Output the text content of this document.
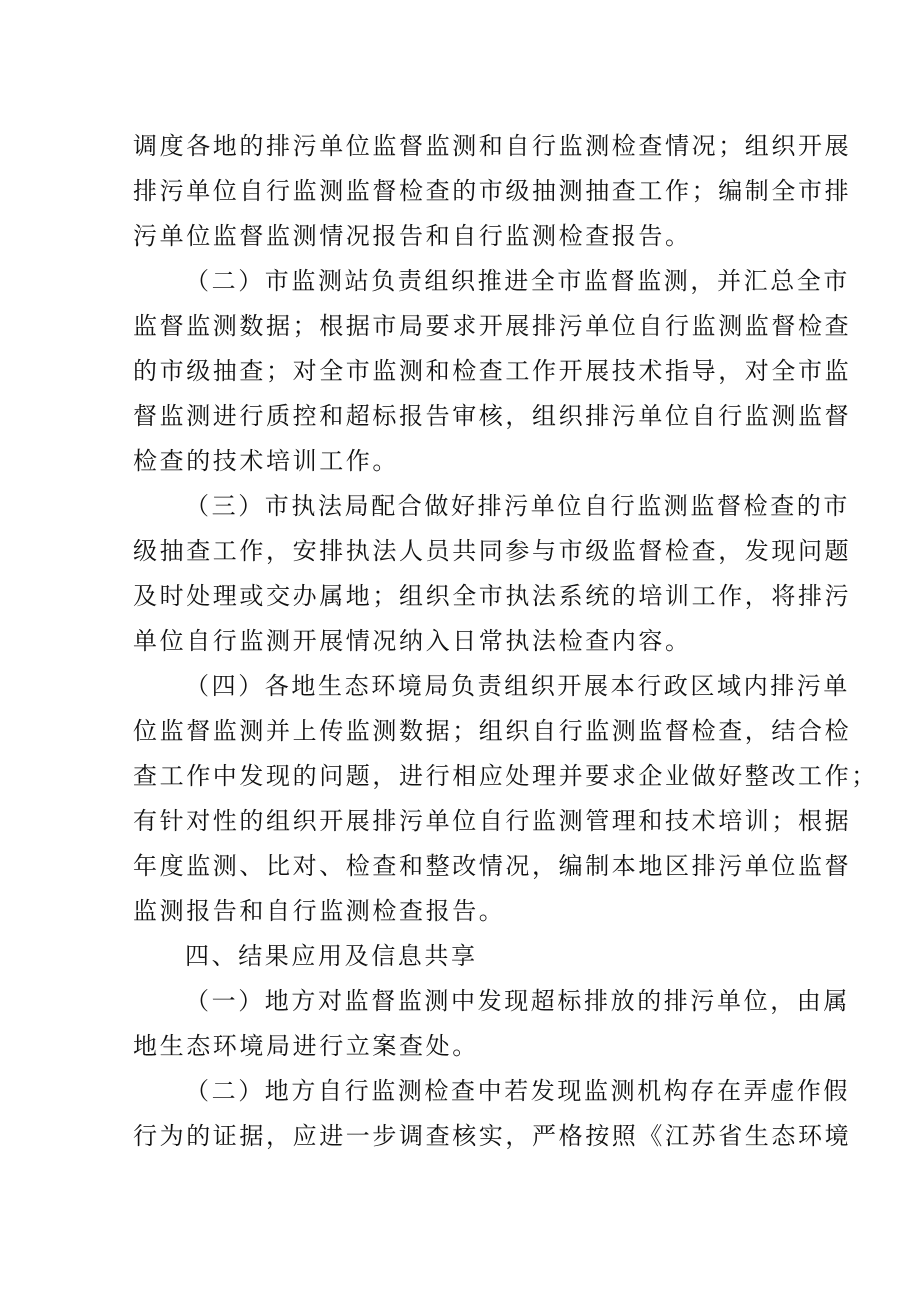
调度各地的排污单位监督监测和自行监测检查情况；组织开展
排污单位自行监测监督检查的市级抽测抽查工作；编制全市排
污单位监督监测情况报告和自行监测检查报告。
（二）市监测站负责组织推进全市监督监测，并汇总全市
监督监测数据；根据市局要求开展排污单位自行监测监督检查
的市级抽查；对全市监测和检查工作开展技术指导，对全市监
督监测进行质控和超标报告审核，组织排污单位自行监测监督
检查的技术培训工作。
（三）市执法局配合做好排污单位自行监测监督检查的市
级抽查工作，安排执法人员共同参与市级监督检查，发现问题
及时处理或交办属地；组织全市执法系统的培训工作，将排污
单位自行监测开展情况纳入日常执法检查内容。
（四）各地生态环境局负责组织开展本行政区域内排污单
位监督监测并上传监测数据；组织自行监测监督检查，结合检
查工作中发现的问题，进行相应处理并要求企业做好整改工作；
有针对性的组织开展排污单位自行监测管理和技术培训；根据
年度监测、比对、检查和整改情况，编制本地区排污单位监督
监测报告和自行监测检查报告。
四、结果应用及信息共享
（一）地方对监督监测中发现超标排放的排污单位，由属
地生态环境局进行立案查处。
（二）地方自行监测检查中若发现监测机构存在弄虚作假
行为的证据，应进一步调查核实，严格按照《江苏省生态环境
